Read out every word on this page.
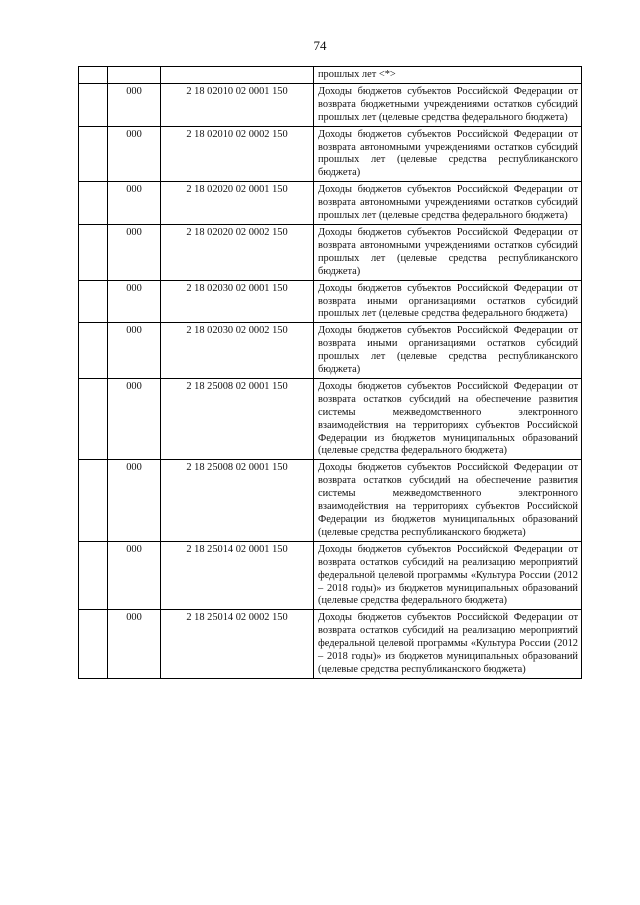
74
			прошлых лет <*>
	000	2 18 02010 02 0001 150	Доходы бюджетов субъектов Российской Федерации от возврата бюджетными учреждениями остатков субсидий прошлых лет (целевые средства федерального бюджета)
	000	2 18 02010 02 0002 150	Доходы бюджетов субъектов Российской Федерации от возврата автономными учреждениями остатков субсидий прошлых лет (целевые средства республиканского бюджета)
	000	2 18 02020 02 0001 150	Доходы бюджетов субъектов Российской Федерации от возврата автономными учреждениями остатков субсидий прошлых лет (целевые средства федерального бюджета)
	000	2 18 02020 02 0002 150	Доходы бюджетов субъектов Российской Федерации от возврата автономными учреждениями остатков субсидий прошлых лет (целевые средства республиканского бюджета)
	000	2 18 02030 02 0001 150	Доходы бюджетов субъектов Российской Федерации от возврата иными организациями остатков субсидий прошлых лет (целевые средства федерального бюджета)
	000	2 18 02030 02 0002 150	Доходы бюджетов субъектов Российской Федерации от возврата иными организациями остатков субсидий прошлых лет (целевые средства республиканского бюджета)
	000	2 18 25008 02 0001 150	Доходы бюджетов субъектов Российской Федерации от возврата остатков субсидий на обеспечение развития системы межведомственного электронного взаимодействия на территориях субъектов Российской Федерации из бюджетов муниципальных образований (целевые средства федерального бюджета)
	000	2 18 25008 02 0001 150	Доходы бюджетов субъектов Российской Федерации от возврата остатков субсидий на обеспечение развития системы межведомственного электронного взаимодействия на территориях субъектов Российской Федерации из бюджетов муниципальных образований (целевые средства республиканского бюджета)
	000	2 18 25014 02 0001 150	Доходы бюджетов субъектов Российской Федерации от возврата остатков субсидий на реализацию мероприятий федеральной целевой программы «Культура России (2012 – 2018 годы)» из бюджетов муниципальных образований (целевые средства федерального бюджета)
	000	2 18 25014 02 0002 150	Доходы бюджетов субъектов Российской Федерации от возврата остатков субсидий на реализацию мероприятий федеральной целевой программы «Культура России (2012 – 2018 годы)» из бюджетов муниципальных образований (целевые средства республиканского бюджета)
